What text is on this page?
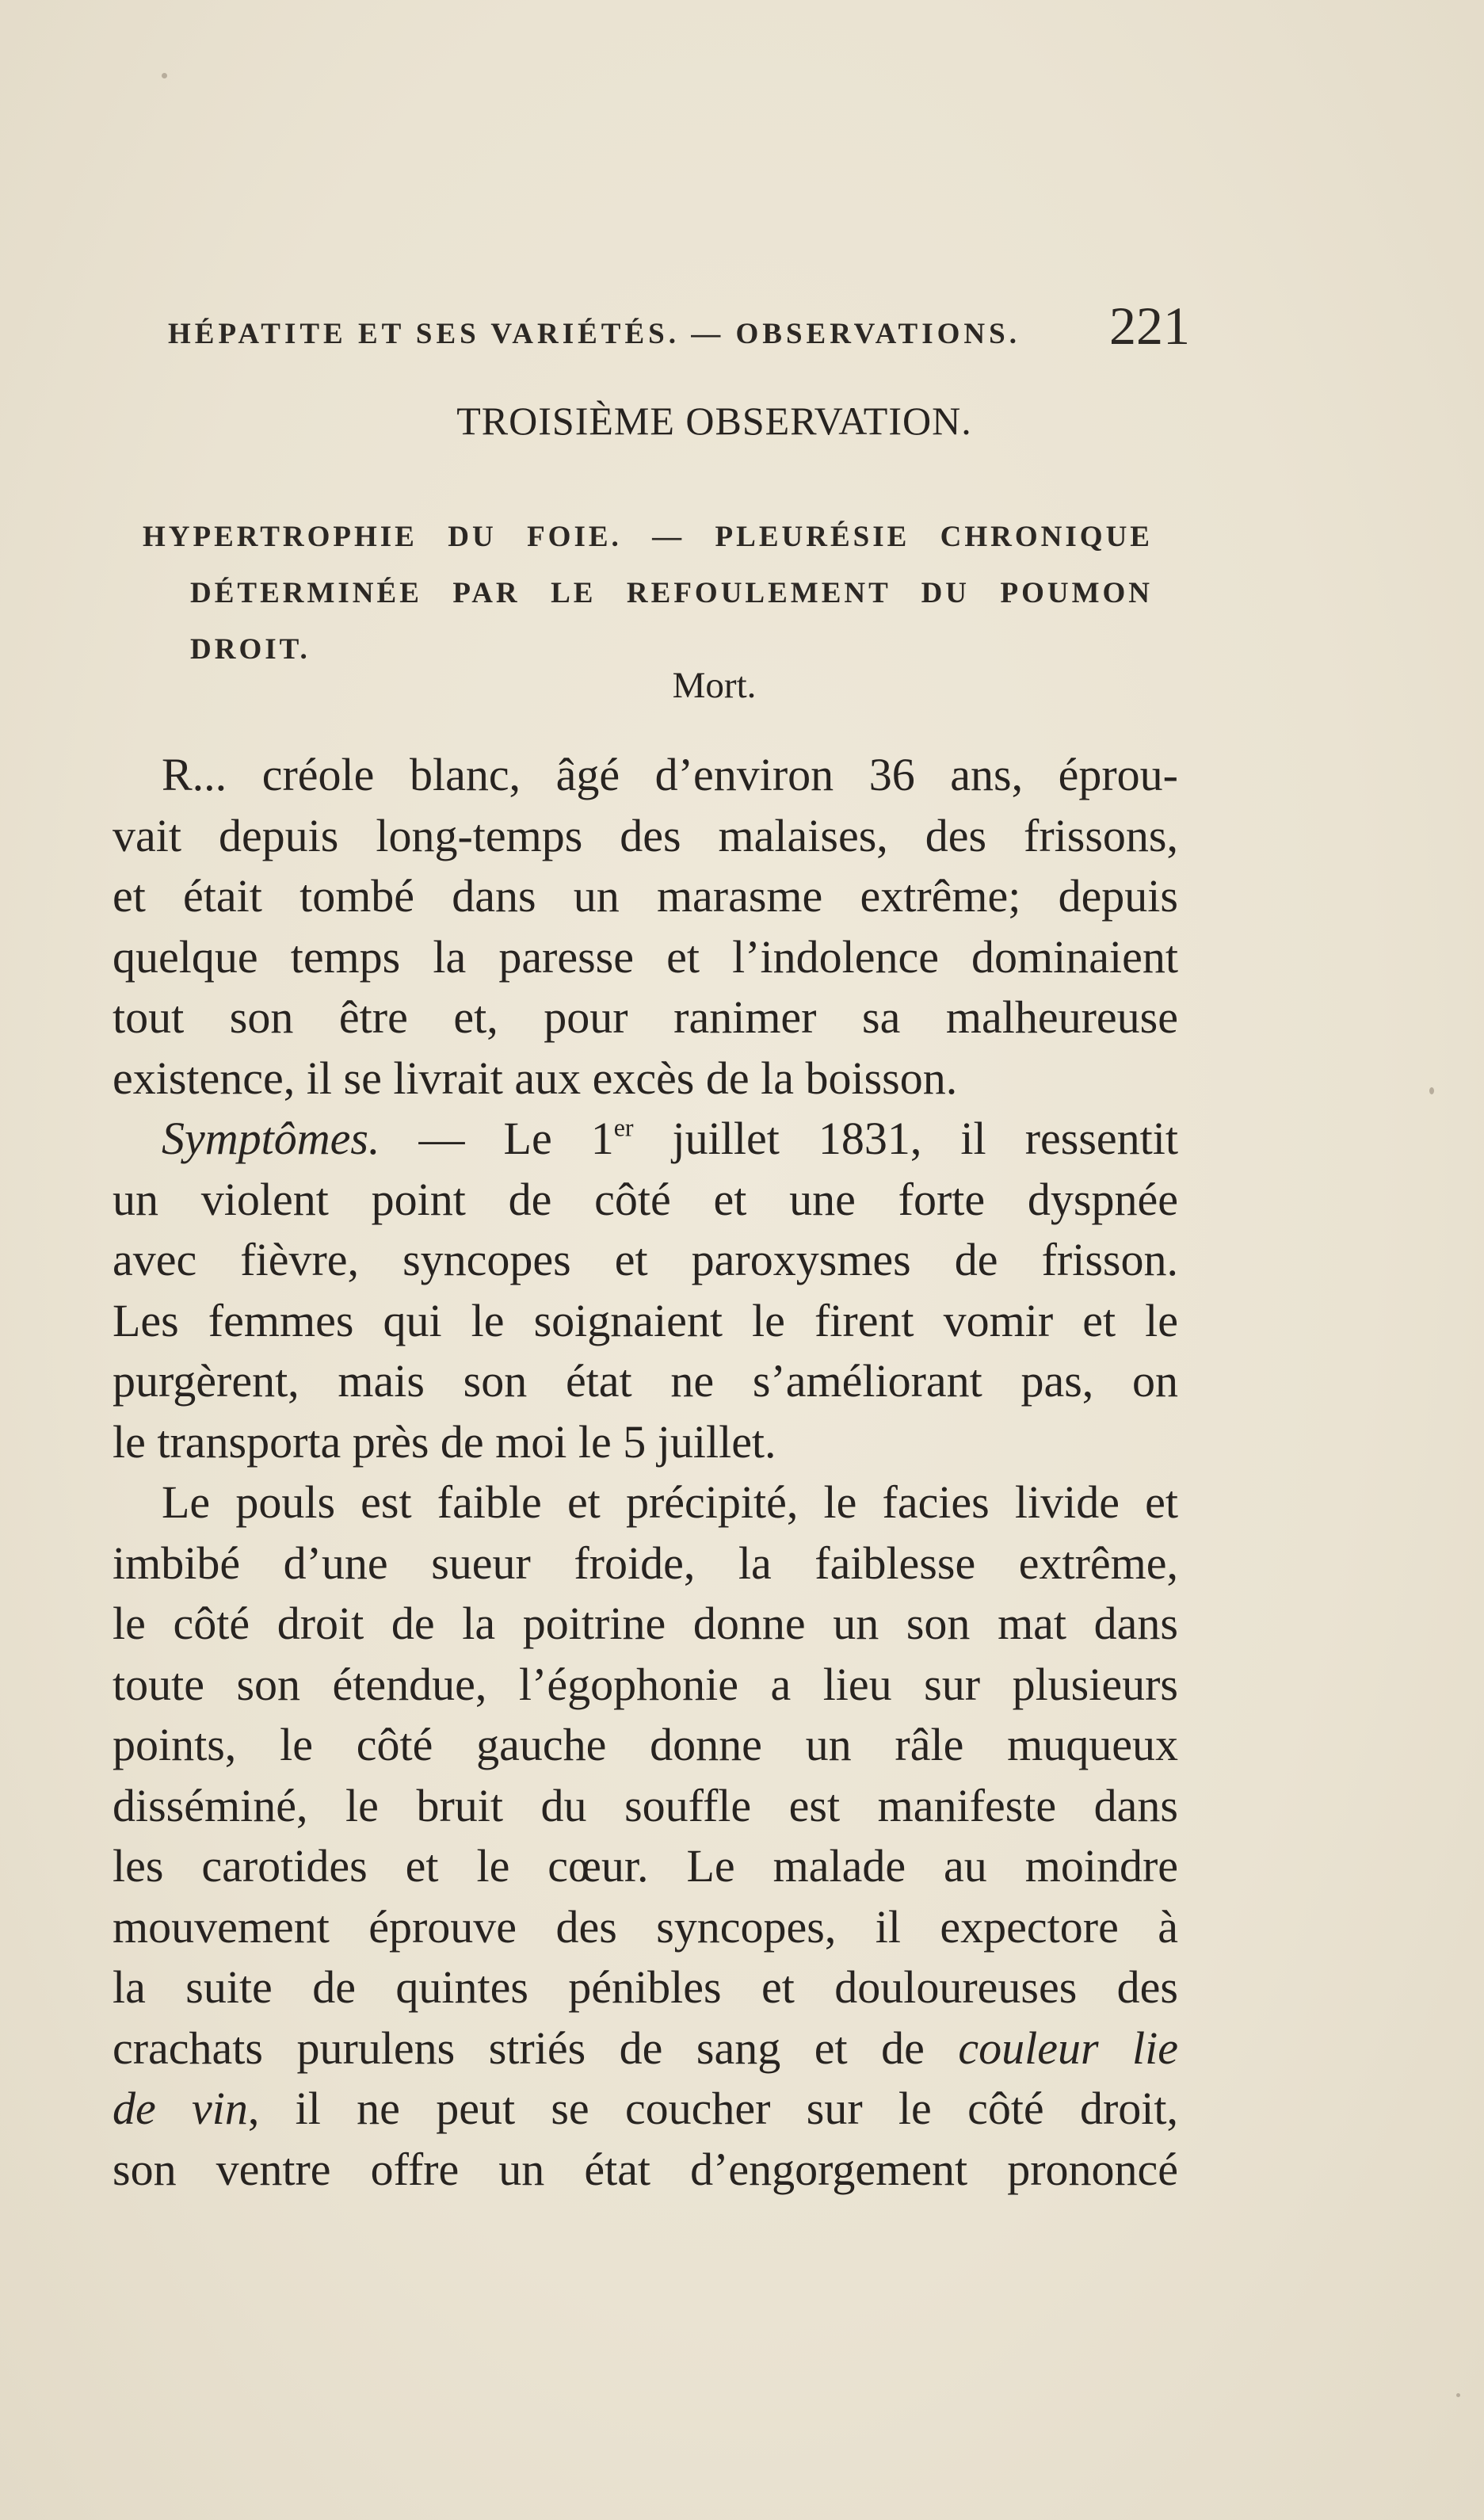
HÉPATITE ET SES VARIÉTÉS. — OBSERVATIONS. 221
TROISIÈME OBSERVATION.
HYPERTROPHIE DU FOIE. — PLEURÉSIE CHRONIQUE
DÉTERMINÉE PAR LE REFOULEMENT DU POUMON
DROIT.
Mort.
R... créole blanc, âgé d’environ 36 ans, éprou-
vait depuis long-temps des malaises, des frissons,
et était tombé dans un marasme extrême; depuis
quelque temps la paresse et l’indolence dominaient
tout son être et, pour ranimer sa malheureuse
existence, il se livrait aux excès de la boisson.
Symptômes. — Le 1er juillet 1831, il ressentit
un violent point de côté et une forte dyspnée
avec fièvre, syncopes et paroxysmes de frisson.
Les femmes qui le soignaient le firent vomir et le
purgèrent, mais son état ne s’améliorant pas, on
le transporta près de moi le 5 juillet.
Le pouls est faible et précipité, le facies livide et
imbibé d’une sueur froide, la faiblesse extrême,
le côté droit de la poitrine donne un son mat dans
toute son étendue, l’égophonie a lieu sur plusieurs
points, le côté gauche donne un râle muqueux
disséminé, le bruit du souffle est manifeste dans
les carotides et le cœur. Le malade au moindre
mouvement éprouve des syncopes, il expectore à
la suite de quintes pénibles et douloureuses des
crachats purulens striés de sang et de couleur lie
de vin, il ne peut se coucher sur le côté droit,
son ventre offre un état d’engorgement prononcé
